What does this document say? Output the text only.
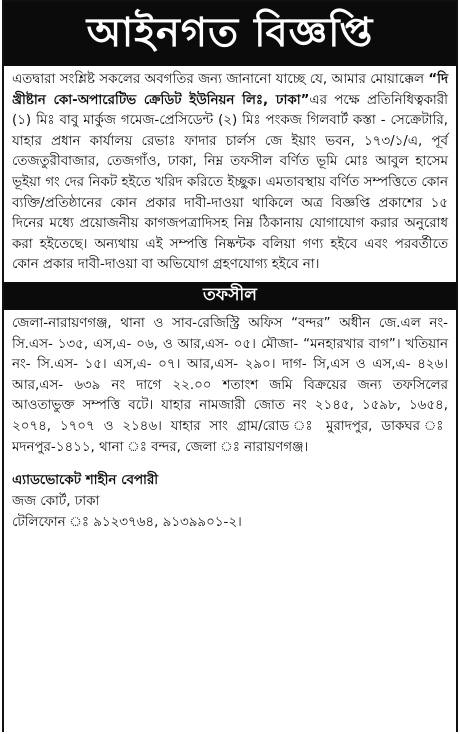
আইনগত বিজ্ঞপ্তি
এতদ্বারা সংশ্লিষ্ট সকলের অবগতির জন্য জানানো যাচ্ছে যে, আমার মোয়াক্কেল “দি খ্রীষ্টান কো-অপারেটিভ ক্রেডিট ইউনিয়ন লিঃ, ঢাকা”এর পক্ষে প্রতিনিধিত্বকারী (১) মিঃ বাবু মার্কুজ গমেজ-প্রেসিডেন্ট (২) মিঃ পংকজ গিলবার্ট কস্তা - সেক্রেটারি, যাহার প্রধান কার্যালয় রেভাঃ ফাদার চার্লস জে ইয়াং ভবন, ১৭৩/১/এ, পূর্ব তেজতুরীবাজার, তেজগাঁও, ঢাকা, নিম্ন তফসীল বর্ণিত ভূমি মোঃ আবুল হাসেম ভূইয়া গং দের নিকট হইতে খরিদ করিতে ইচ্ছুক। এমতাবস্থায় বর্ণিত সম্পত্তিতে কোন ব্যক্তি/প্রতিষ্ঠানের কোন প্রকার দাবী-দাওয়া থাকিলে অত্র বিজ্ঞপ্তি প্রকাশের ১৫ দিনের মধ্যে প্রয়োজনীয় কাগজপত্রাদিসহ নিম্ন ঠিকানায় যোগাযোগ করার অনুরোধ করা হইতেছে। অন্যথায় এই সম্পত্তি নিষ্কন্টক বলিয়া গণ্য হইবে এবং পরবর্তীতে কোন প্রকার দাবী-দাওয়া বা অভিযোগ গ্রহণযোগ্য হইবে না।
তফসীল
জেলা-নারায়ণগঞ্জ, থানা ও সাব-রেজিস্ট্রি অফিস “বন্দর” অধীন জে.এল নং- সি.এস- ১৩৫, এস,এ- ০৬, ও আর,এস- ০৫। মৌজা- “মনহারখার বাগ”। খতিয়ান নং- সি.এস- ১৫। এস,এ- ০৭। আর,এস- ২৯০। দাগ- সি,এস ও এস,এ- ৪২৬। আর,এস- ৬৩৯ নং দাগে ২২.০০ শতাংশ জমি বিক্রয়ের জন্য তফসিলের আওতাভুক্ত সম্পত্তি বটে। যাহার নামজারী জোত নং ২১৪৫, ১৫৯৮, ১৬৫৪, ২০৭৪, ১৭০৭ ও ২১৪৬। যাহার সাং গ্রাম/রোড ঃ মুরাদপুর, ডাকঘর ঃ মদনপুর-১৪১১, থানা ঃ বন্দর, জেলা ঃ নারায়ণগঞ্জ।
এ্যাডভোকেট শাহীন বেপারী
জজ কোর্ট, ঢাকা
টেলিফোন ঃ ৯১২৩৭৬৪, ৯১৩৯৯০১-২।
